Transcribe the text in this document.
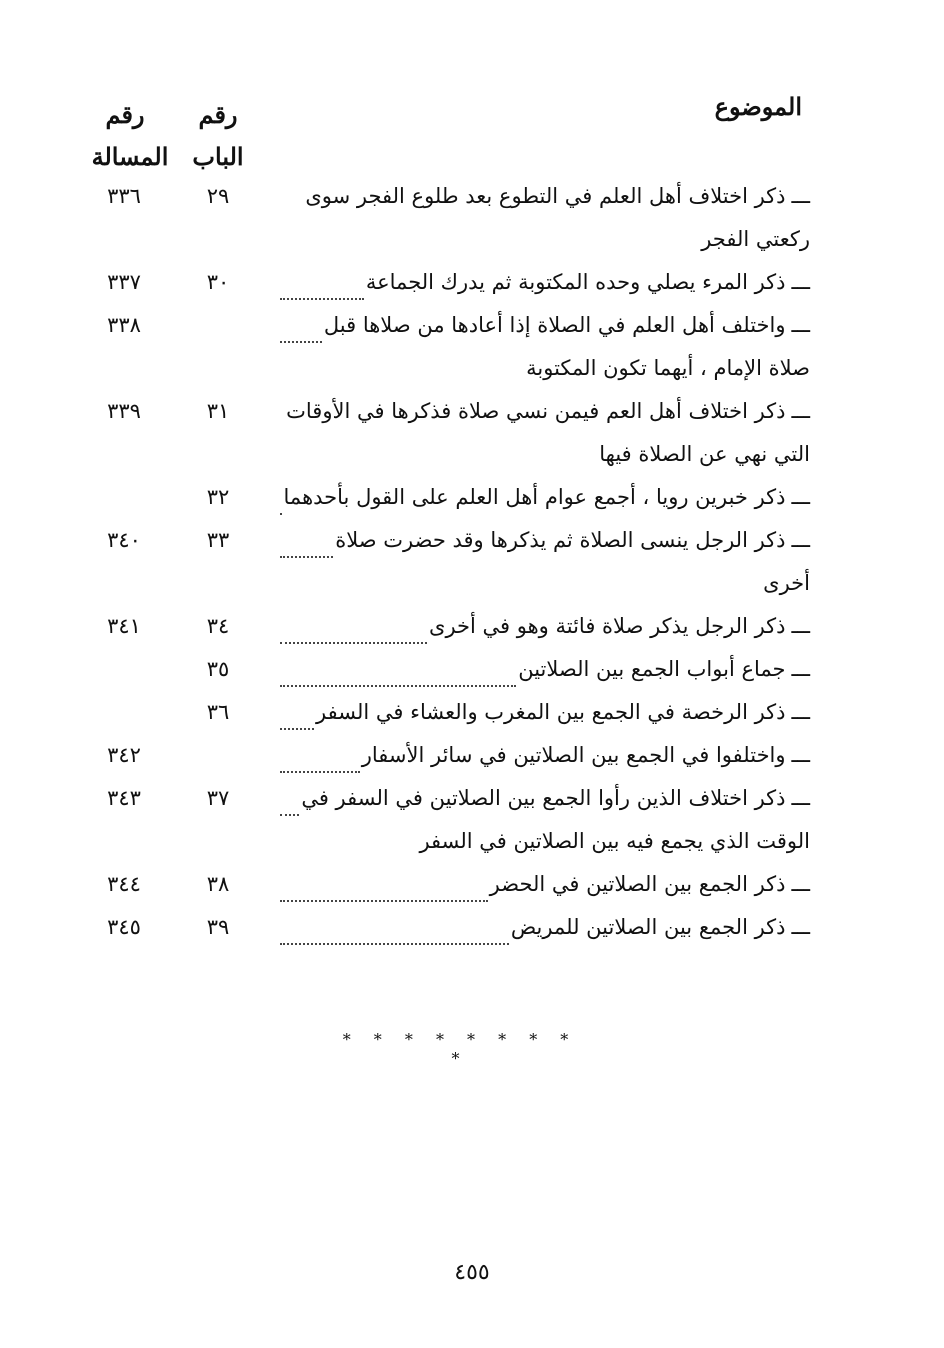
الموضوع
رقم
الباب
رقم
المسالة
ـــ
ذكر اختلاف أهل العلم في التطوع بعد طلوع الفجر سوى
٢٩
٣٣٦
ركعتي الفجر
ـــ
ذكر المرء يصلي وحده المكتوبة ثم يدرك الجماعة
٣٠
٣٣٧
ـــ
واختلف أهل العلم في الصلاة إذا أعادها من صلاها قبل
٣٣٨
صلاة الإمام ، أيهما تكون المكتوبة
ـــ
ذكر اختلاف أهل العم فيمن نسي صلاة فذكرها في الأوقات
٣١
٣٣٩
التي نهي عن الصلاة فيها
ـــ
ذكر خبرين رويا ، أجمع عوام أهل العلم على القول بأحدهما
٣٢
ـــ
ذكر الرجل ينسى الصلاة ثم يذكرها وقد حضرت صلاة
٣٣
٣٤٠
أخرى
ـــ
ذكر الرجل يذكر صلاة فائتة وهو في أخرى
٣٤
٣٤١
ـــ
جماع أبواب الجمع بين الصلاتين
٣٥
ـــ
ذكر الرخصة في الجمع بين المغرب والعشاء في السفر
٣٦
ـــ
واختلفوا في الجمع بين الصلاتين في سائر الأسفار
٣٤٢
ـــ
ذكر اختلاف الذين رأوا الجمع بين الصلاتين في السفر في
٣٧
٣٤٣
الوقت الذي يجمع فيه بين الصلاتين في السفر
ـــ
ذكر الجمع بين الصلاتين في الحضر
٣٨
٣٤٤
ـــ
ذكر الجمع بين الصلاتين للمريض
٣٩
٣٤٥
* * * * * * * * *
٤٥٥
